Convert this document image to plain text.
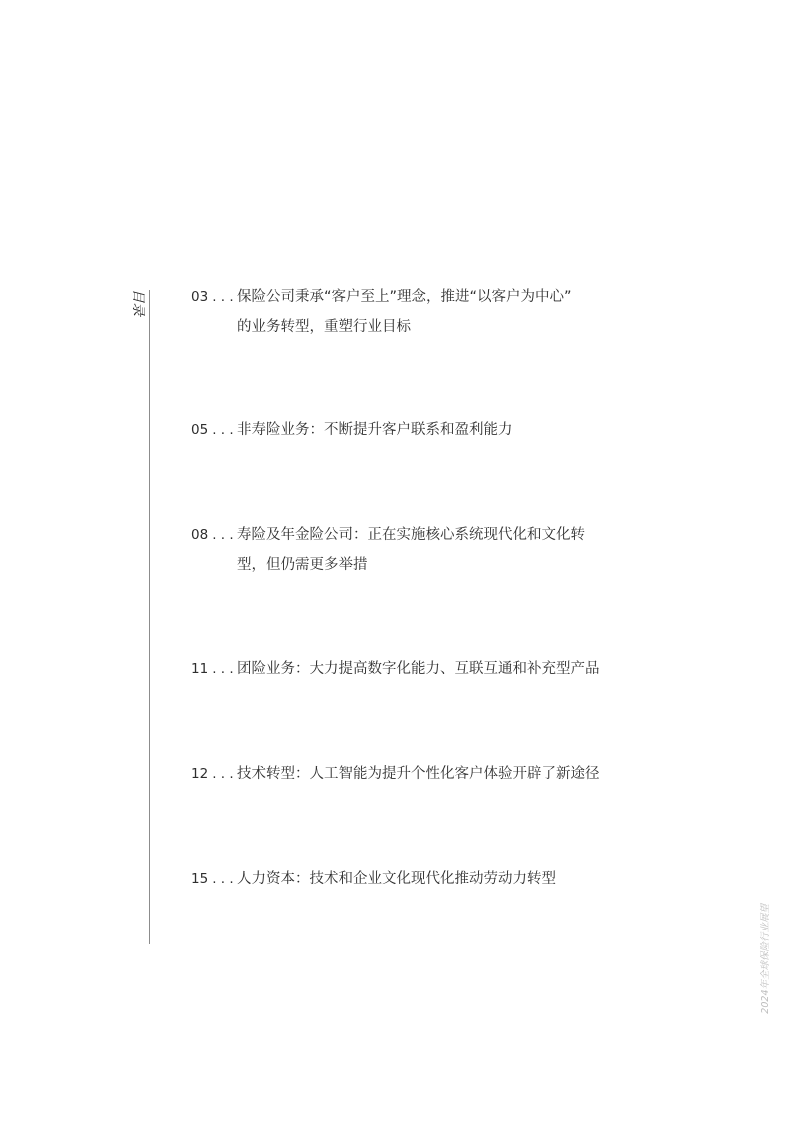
目录	03 . . . 保险公司秉承“客户至上”理念，推进“以客户为中心”
的业务转型，重塑行业目标
05 . . . 非寿险业务：不断提升客户联系和盈利能力
08 . . . 寿险及年金险公司：正在实施核心系统现代化和文化转
型，但仍需更多举措
11 . . . 团险业务：大力提高数字化能力、互联互通和补充型产品
12 . . . 技术转型：人工智能为提升个性化客户体验开辟了新途径
15 . . . 人力资本：技术和企业文化现代化推动劳动力转型
2024年全球保险行业展望
